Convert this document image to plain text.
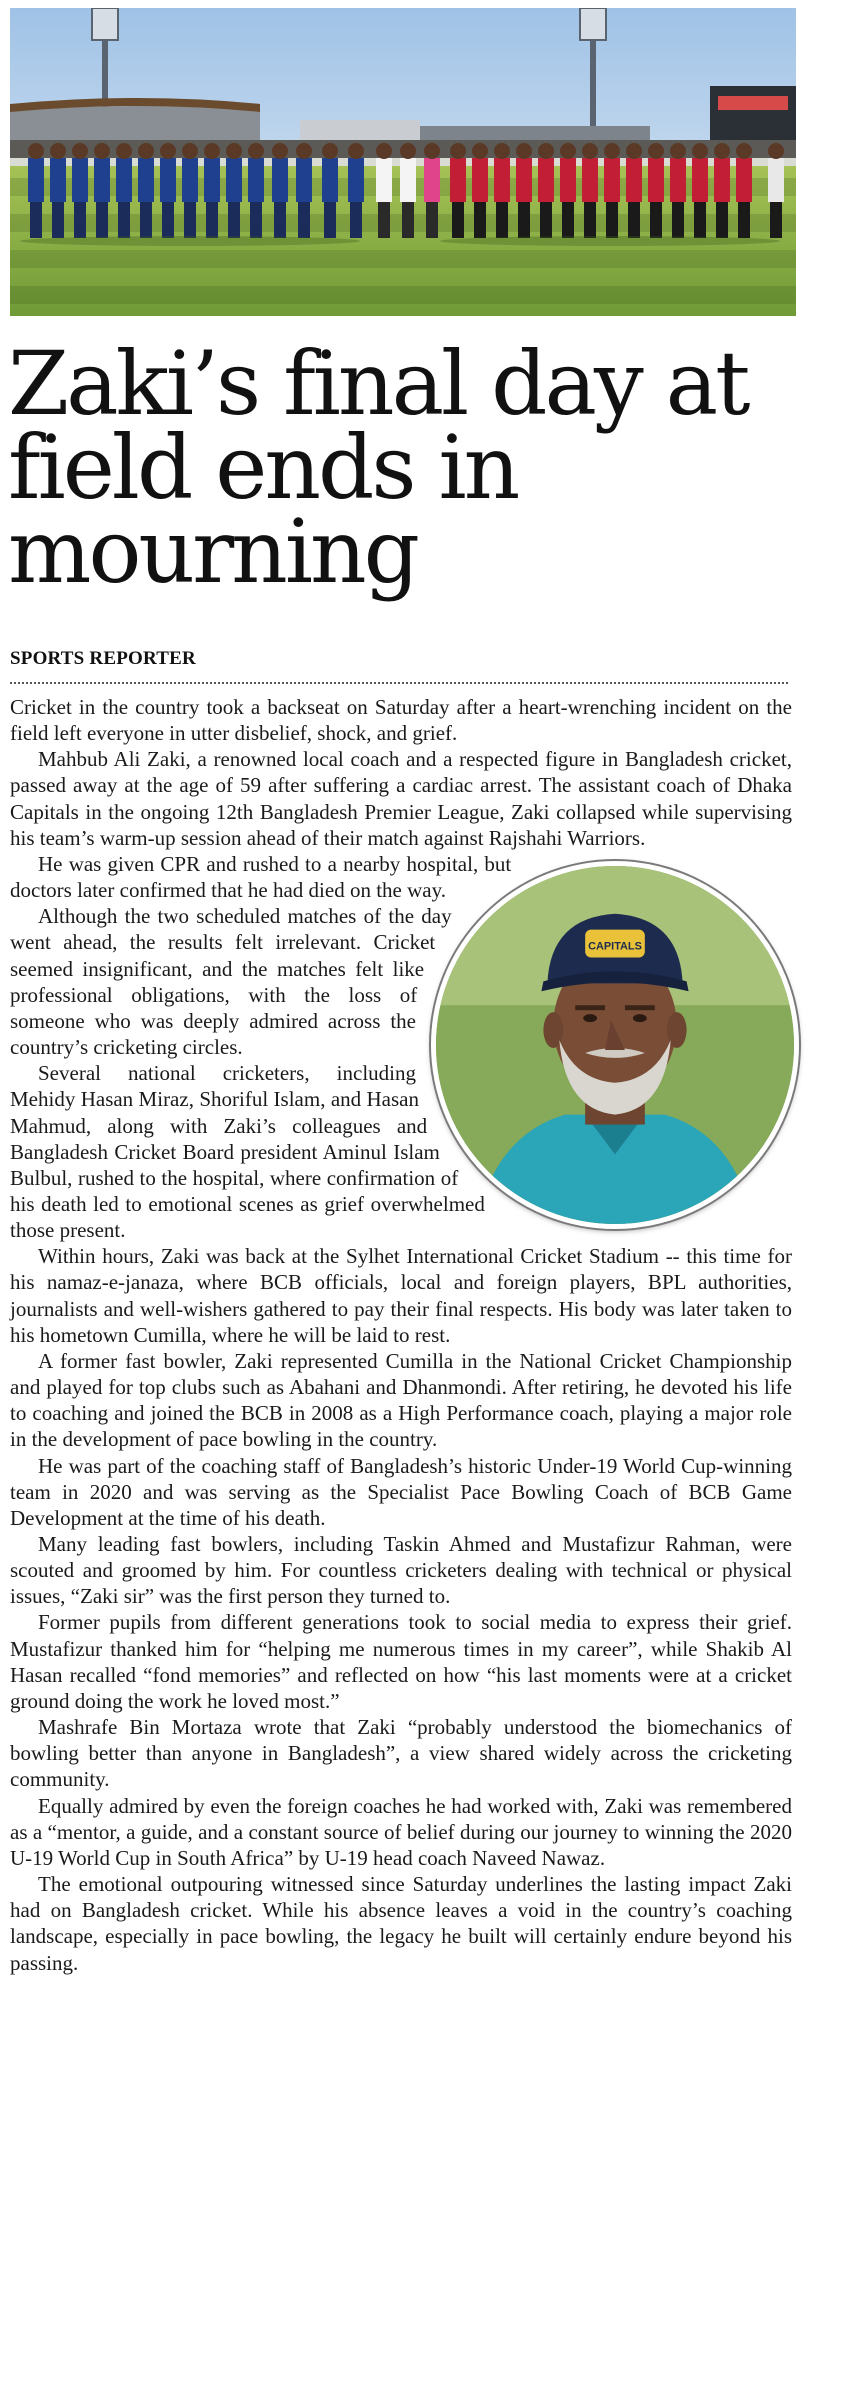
Zaki’s final day at field ends in mourning
SPORTS REPORTER

Cricket in the country took a backseat on Saturday after a heart-wrenching incident on the field left everyone in utter disbelief, shock, and grief.

Mahbub Ali Zaki, a renowned local coach and a respected figure in Bangladesh cricket, passed away at the age of 59 after suffering a cardiac arrest. The assistant coach of Dhaka Capitals in the ongoing 12th Bangladesh Premier League, Zaki collapsed while supervising his team’s warm-up session ahead of their match against Rajshahi Warriors.

CAPITALS

He was given CPR and rushed to a nearby hospital, but doctors later confirmed that he had died on the way.

Although the two scheduled matches of the day went ahead, the results felt irrelevant. Cricket seemed insignificant, and the matches felt like professional obligations, with the loss of someone who was deeply admired across the country’s cricketing circles.

Several national cricketers, including Mehidy Hasan Miraz, Shoriful Islam, and Hasan Mahmud, along with Zaki’s colleagues and Bangladesh Cricket Board president Aminul Islam Bulbul, rushed to the hospital, where confirmation of his death led to emotional scenes as grief overwhelmed those present.

Within hours, Zaki was back at the Sylhet International Cricket Stadium -- this time for his namaz-e-janaza, where BCB officials, local and foreign players, BPL authorities, journalists and well-wishers gathered to pay their final respects. His body was later taken to his hometown Cumilla, where he will be laid to rest.

A former fast bowler, Zaki represented Cumilla in the National Cricket Championship and played for top clubs such as Abahani and Dhanmondi. After retiring, he devoted his life to coaching and joined the BCB in 2008 as a High Performance coach, playing a major role in the development of pace bowling in the country.

He was part of the coaching staff of Bangladesh’s historic Under-19 World Cup-winning team in 2020 and was serving as the Specialist Pace Bowling Coach of BCB Game Development at the time of his death.

Many leading fast bowlers, including Taskin Ahmed and Mustafizur Rahman, were scouted and groomed by him. For countless cricketers dealing with technical or physical issues, “Zaki sir” was the first person they turned to.

Former pupils from different generations took to social media to express their grief. Mustafizur thanked him for “helping me numerous times in my career”, while Shakib Al Hasan recalled “fond memories” and reflected on how “his last moments were at a cricket ground doing the work he loved most.”

Mashrafe Bin Mortaza wrote that Zaki “probably understood the biomechanics of bowling better than anyone in Bangladesh”, a view shared widely across the cricketing community.

Equally admired by even the foreign coaches he had worked with, Zaki was remembered as a “mentor, a guide, and a constant source of belief during our journey to winning the 2020 U-19 World Cup in South Africa” by U-19 head coach Naveed Nawaz.

The emotional outpouring witnessed since Saturday underlines the lasting impact Zaki had on Bangladesh cricket. While his absence leaves a void in the country’s coaching landscape, especially in pace bowling, the legacy he built will certainly endure beyond his passing.
